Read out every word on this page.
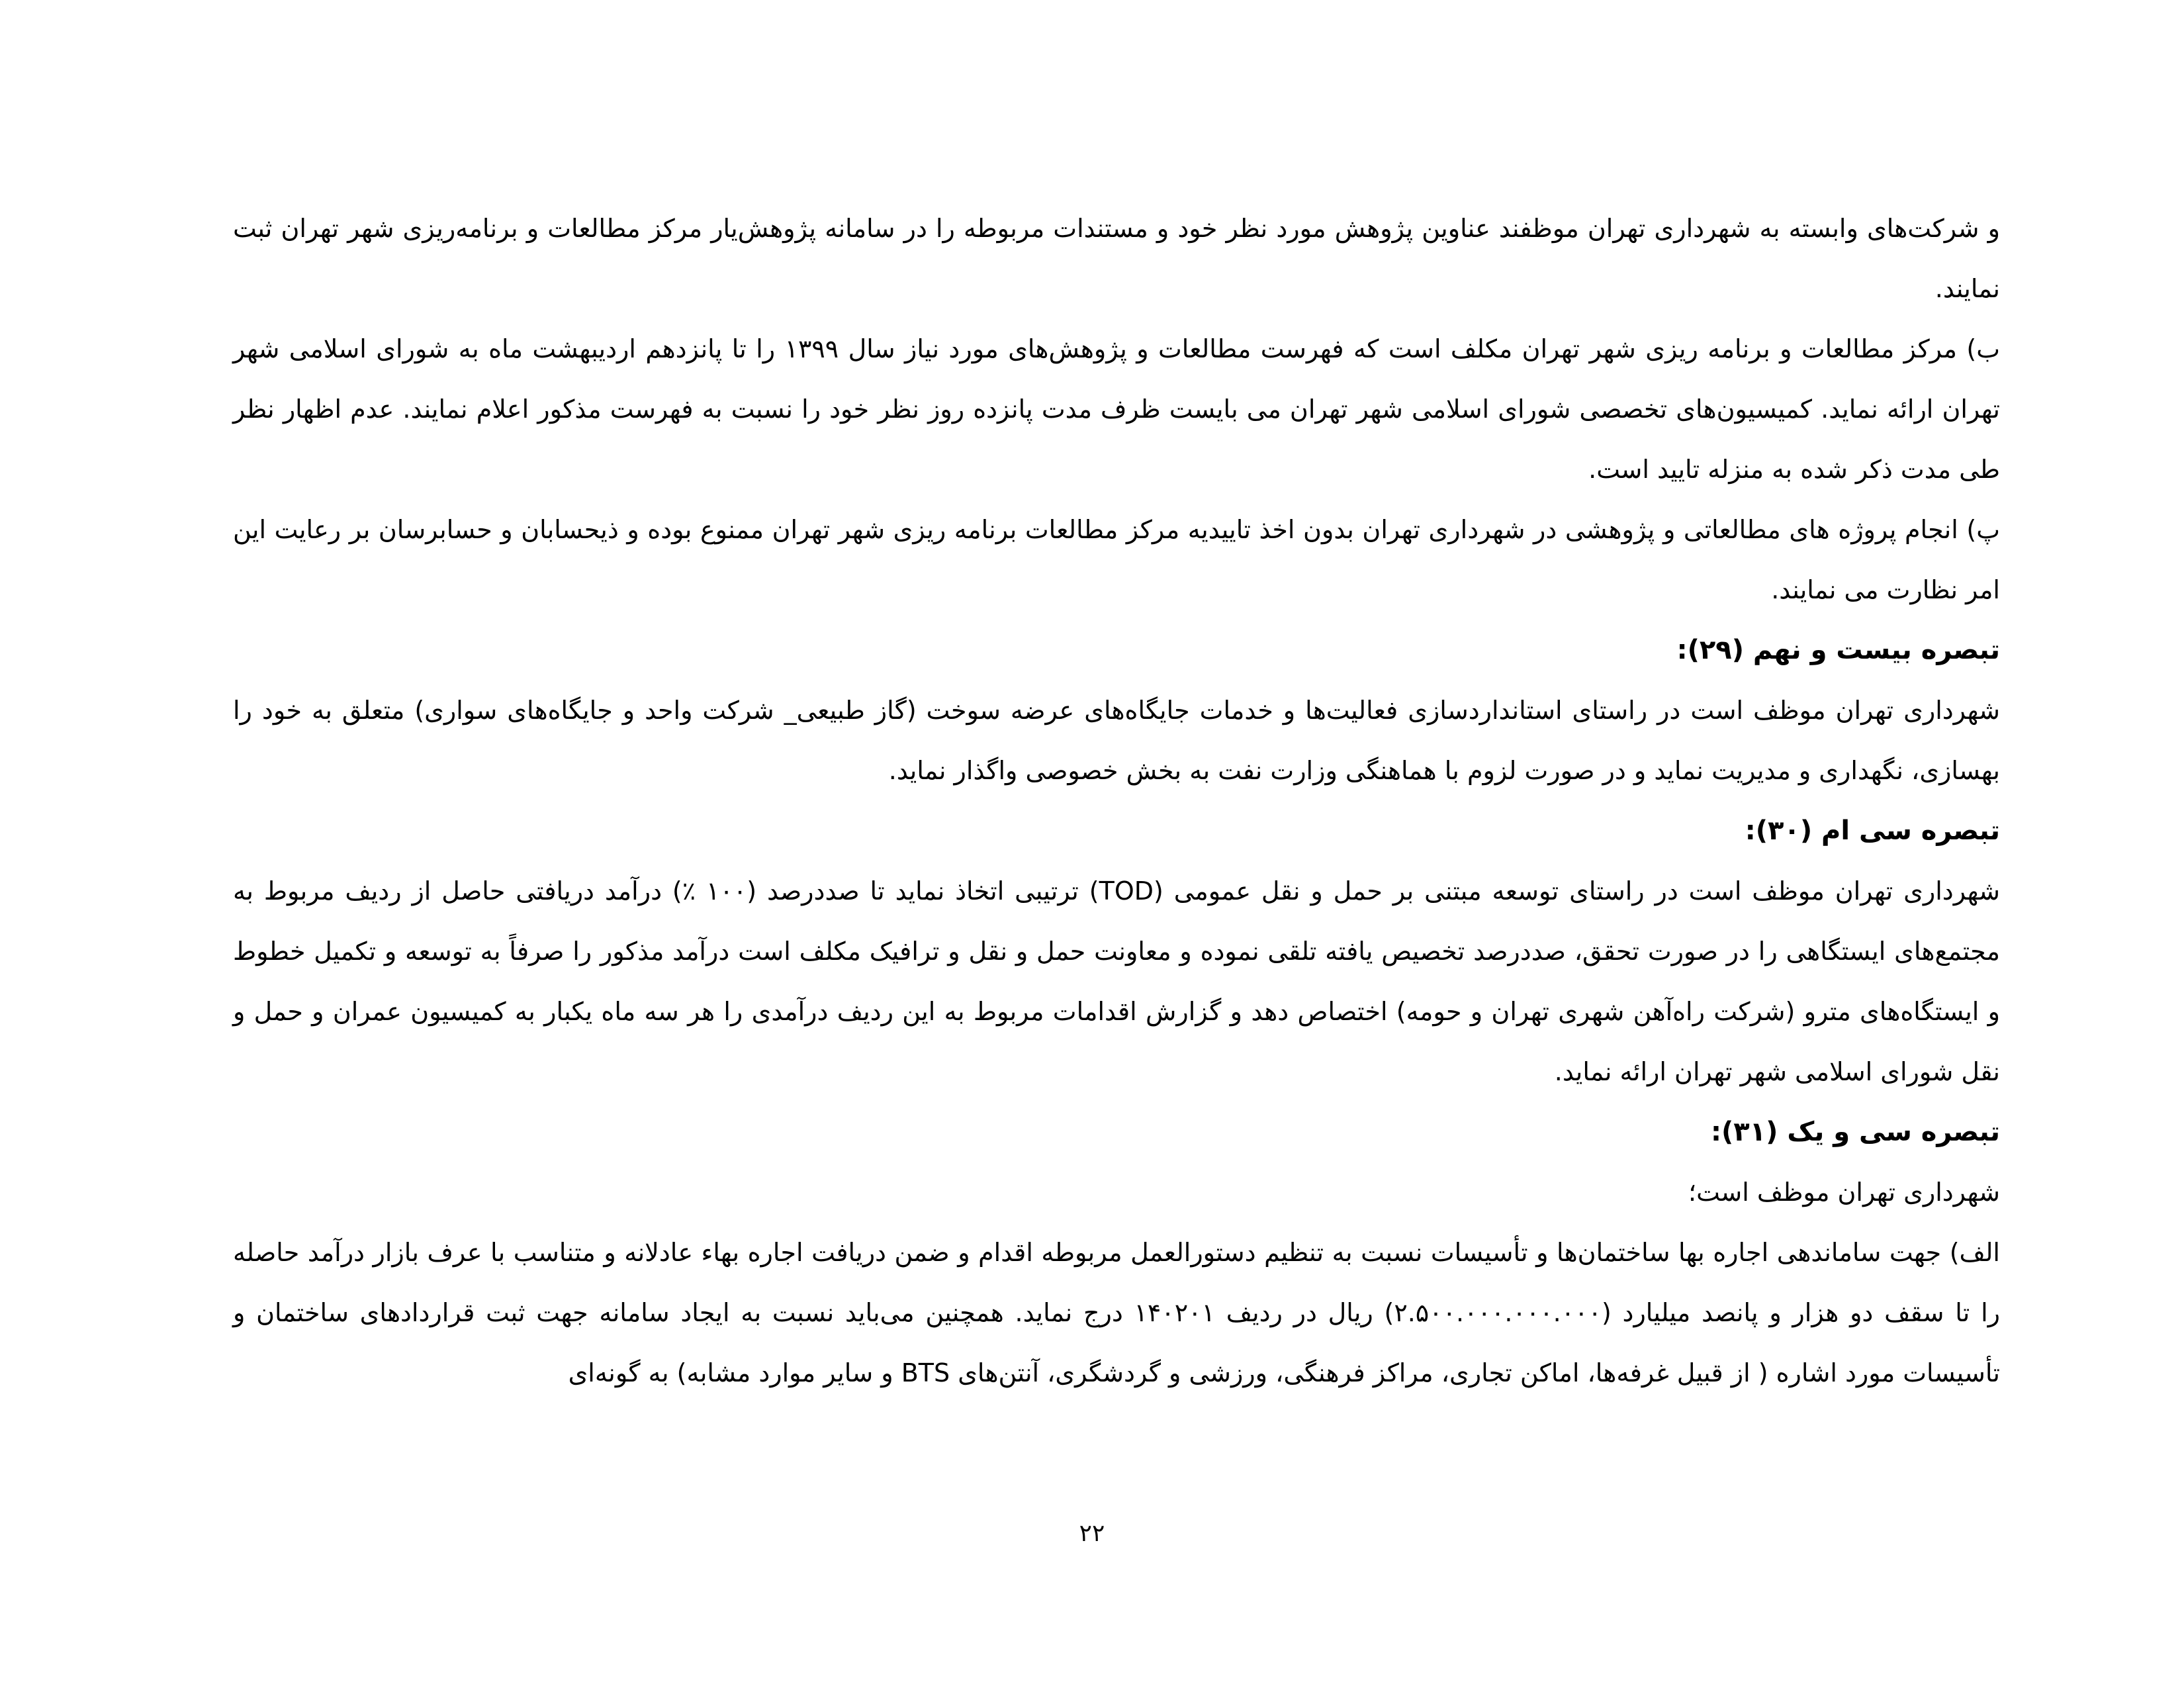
و شرکت‌های وابسته به شهرداری تهران موظفند عناوین پژوهش مورد نظر خود و مستندات مربوطه را در سامانه پژوهش‌یار مرکز مطالعات و برنامه‌ریزی شهر تهران ثبت نمایند.

ب) مرکز مطالعات و برنامه ریزی شهر تهران مکلف است که فهرست مطالعات و پژوهش‌های مورد نیاز سال ۱۳۹۹ را تا پانزدهم اردیبهشت ماه به شورای اسلامی شهر تهران ارائه نماید. کمیسیون‌های تخصصی شورای اسلامی شهر تهران می بایست ظرف مدت پانزده روز نظر خود را نسبت به فهرست مذکور اعلام نمایند. عدم اظهار نظر طی مدت ذکر شده به منزله تایید است.

پ) انجام پروژه های مطالعاتی و پژوهشی در شهرداری تهران بدون اخذ تاییدیه مرکز مطالعات برنامه ریزی شهر تهران ممنوع بوده و ذیحسابان و حسابرسان بر رعایت این امر نظارت می نمایند.

تبصره بیست و نهم (۲۹):

شهرداری تهران موظف است در راستای استانداردسازی فعالیت‌ها و خدمات جایگاه‌های عرضه سوخت (گاز طبیعی_ شرکت واحد و جایگاه‌های سواری) متعلق به خود را بهسازی، نگهداری و مدیریت نماید و در صورت لزوم با هماهنگی وزارت نفت به بخش خصوصی واگذار نماید.

تبصره سی ام (۳۰):

شهرداری تهران موظف است در راستای توسعه مبتنی بر حمل و نقل عمومی (TOD) ترتیبی اتخاذ نماید تا صددرصد (۱۰۰ ٪) درآمد دریافتی حاصل از ردیف مربوط به مجتمع‌های ایستگاهی را در صورت تحقق، صددرصد تخصیص یافته تلقی نموده و معاونت حمل و نقل و ترافیک مکلف است درآمد مذکور را صرفاً به توسعه و تکمیل خطوط و ایستگاه‌های مترو (شرکت راه‌آهن شهری تهران و حومه) اختصاص دهد و گزارش اقدامات مربوط به این ردیف درآمدی را هر سه ماه یکبار به کمیسیون عمران و حمل و نقل شورای اسلامی شهر تهران ارائه نماید.

تبصره سی و یک (۳۱):

شهرداری تهران موظف است؛

الف) جهت ساماندهی اجاره بها ساختمان‌ها و تأسیسات نسبت به تنظیم دستورالعمل مربوطه اقدام و ضمن دریافت اجاره بهاء عادلانه و متناسب با عرف بازار درآمد حاصله را تا سقف دو هزار و پانصد میلیارد (۲.۵۰۰.۰۰۰.۰۰۰.۰۰۰) ریال در ردیف ۱۴۰۲۰۱ درج نماید. همچنین می‌باید نسبت به ایجاد سامانه جهت ثبت قراردادهای ساختمان و تأسیسات مورد اشاره ( از قبیل غرفه‌ها، اماکن تجاری، مراکز فرهنگی، ورزشی و گردشگری، آنتن‌های BTS و سایر موارد مشابه) به گونه‌ای

۲۲
